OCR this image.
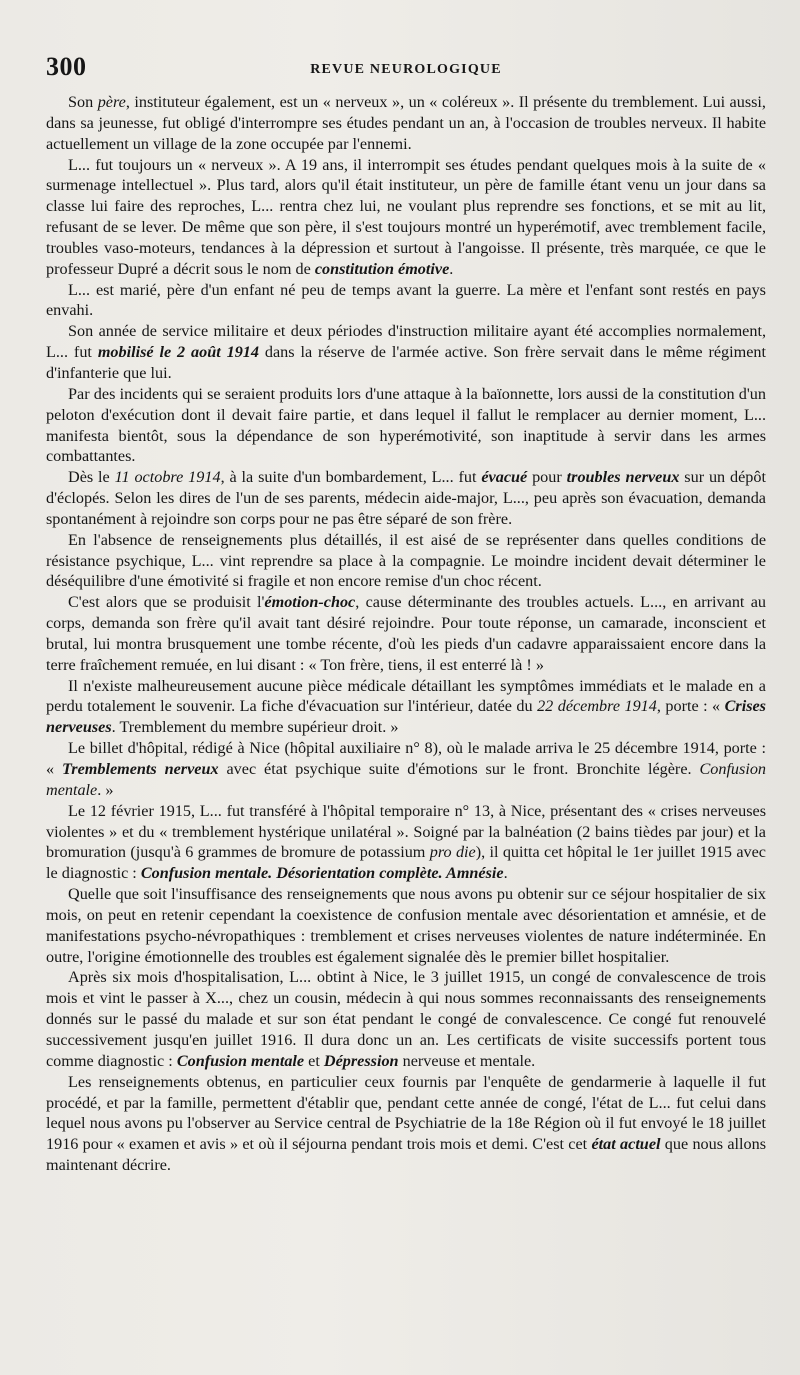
300	REVUE NEUROLOGIQUE

Son père, instituteur également, est un « nerveux », un « coléreux ». Il présente du tremblement. Lui aussi, dans sa jeunesse, fut obligé d'interrompre ses études pendant un an, à l'occasion de troubles nerveux. Il habite actuellement un village de la zone occupée par l'ennemi.

L... fut toujours un « nerveux ». A 19 ans, il interrompit ses études pendant quelques mois à la suite de « surmenage intellectuel ». Plus tard, alors qu'il était instituteur, un père de famille étant venu un jour dans sa classe lui faire des reproches, L... rentra chez lui, ne voulant plus reprendre ses fonctions, et se mit au lit, refusant de se lever. De même que son père, il s'est toujours montré un hyperémotif, avec tremblement facile, troubles vaso-moteurs, tendances à la dépression et surtout à l'angoisse. Il présente, très marquée, ce que le professeur Dupré a décrit sous le nom de constitution émotive.

L... est marié, père d'un enfant né peu de temps avant la guerre. La mère et l'enfant sont restés en pays envahi.

Son année de service militaire et deux périodes d'instruction militaire ayant été accomplies normalement, L... fut mobilisé le 2 août 1914 dans la réserve de l'armée active. Son frère servait dans le même régiment d'infanterie que lui.

Par des incidents qui se seraient produits lors d'une attaque à la baïonnette, lors aussi de la constitution d'un peloton d'exécution dont il devait faire partie, et dans lequel il fallut le remplacer au dernier moment, L... manifesta bientôt, sous la dépendance de son hyperémotivité, son inaptitude à servir dans les armes combattantes.

Dès le 11 octobre 1914, à la suite d'un bombardement, L... fut évacué pour troubles nerveux sur un dépôt d'éclopés. Selon les dires de l'un de ses parents, médecin aide-major, L..., peu après son évacuation, demanda spontanément à rejoindre son corps pour ne pas être séparé de son frère.

En l'absence de renseignements plus détaillés, il est aisé de se représenter dans quelles conditions de résistance psychique, L... vint reprendre sa place à la compagnie. Le moindre incident devait déterminer le déséquilibre d'une émotivité si fragile et non encore remise d'un choc récent.

C'est alors que se produisit l'émotion-choc, cause déterminante des troubles actuels. L..., en arrivant au corps, demanda son frère qu'il avait tant désiré rejoindre. Pour toute réponse, un camarade, inconscient et brutal, lui montra brusquement une tombe récente, d'où les pieds d'un cadavre apparaissaient encore dans la terre fraîchement remuée, en lui disant : « Ton frère, tiens, il est enterré là ! »

Il n'existe malheureusement aucune pièce médicale détaillant les symptômes immédiats et le malade en a perdu totalement le souvenir. La fiche d'évacuation sur l'intérieur, datée du 22 décembre 1914, porte : « Crises nerveuses. Tremblement du membre supérieur droit. »

Le billet d'hôpital, rédigé à Nice (hôpital auxiliaire n° 8), où le malade arriva le 25 décembre 1914, porte : « Tremblements nerveux avec état psychique suite d'émotions sur le front. Bronchite légère. Confusion mentale. »

Le 12 février 1915, L... fut transféré à l'hôpital temporaire n° 13, à Nice, présentant des « crises nerveuses violentes » et du « tremblement hystérique unilatéral ». Soigné par la balnéation (2 bains tièdes par jour) et la bromuration (jusqu'à 6 grammes de bromure de potassium pro die), il quitta cet hôpital le 1er juillet 1915 avec le diagnostic : Confusion mentale. Désorientation complète. Amnésie.

Quelle que soit l'insuffisance des renseignements que nous avons pu obtenir sur ce séjour hospitalier de six mois, on peut en retenir cependant la coexistence de confusion mentale avec désorientation et amnésie, et de manifestations psycho-névropathiques : tremblement et crises nerveuses violentes de nature indéterminée. En outre, l'origine émotionnelle des troubles est également signalée dès le premier billet hospitalier.

Après six mois d'hospitalisation, L... obtint à Nice, le 3 juillet 1915, un congé de convalescence de trois mois et vint le passer à X..., chez un cousin, médecin à qui nous sommes reconnaissants des renseignements donnés sur le passé du malade et sur son état pendant le congé de convalescence. Ce congé fut renouvelé successivement jusqu'en juillet 1916. Il dura donc un an. Les certificats de visite successifs portent tous comme diagnostic : Confusion mentale et Dépression nerveuse et mentale.

Les renseignements obtenus, en particulier ceux fournis par l'enquête de gendarmerie à laquelle il fut procédé, et par la famille, permettent d'établir que, pendant cette année de congé, l'état de L... fut celui dans lequel nous avons pu l'observer au Service central de Psychiatrie de la 18e Région où il fut envoyé le 18 juillet 1916 pour « examen et avis » et où il séjourna pendant trois mois et demi. C'est cet état actuel que nous allons maintenant décrire.
